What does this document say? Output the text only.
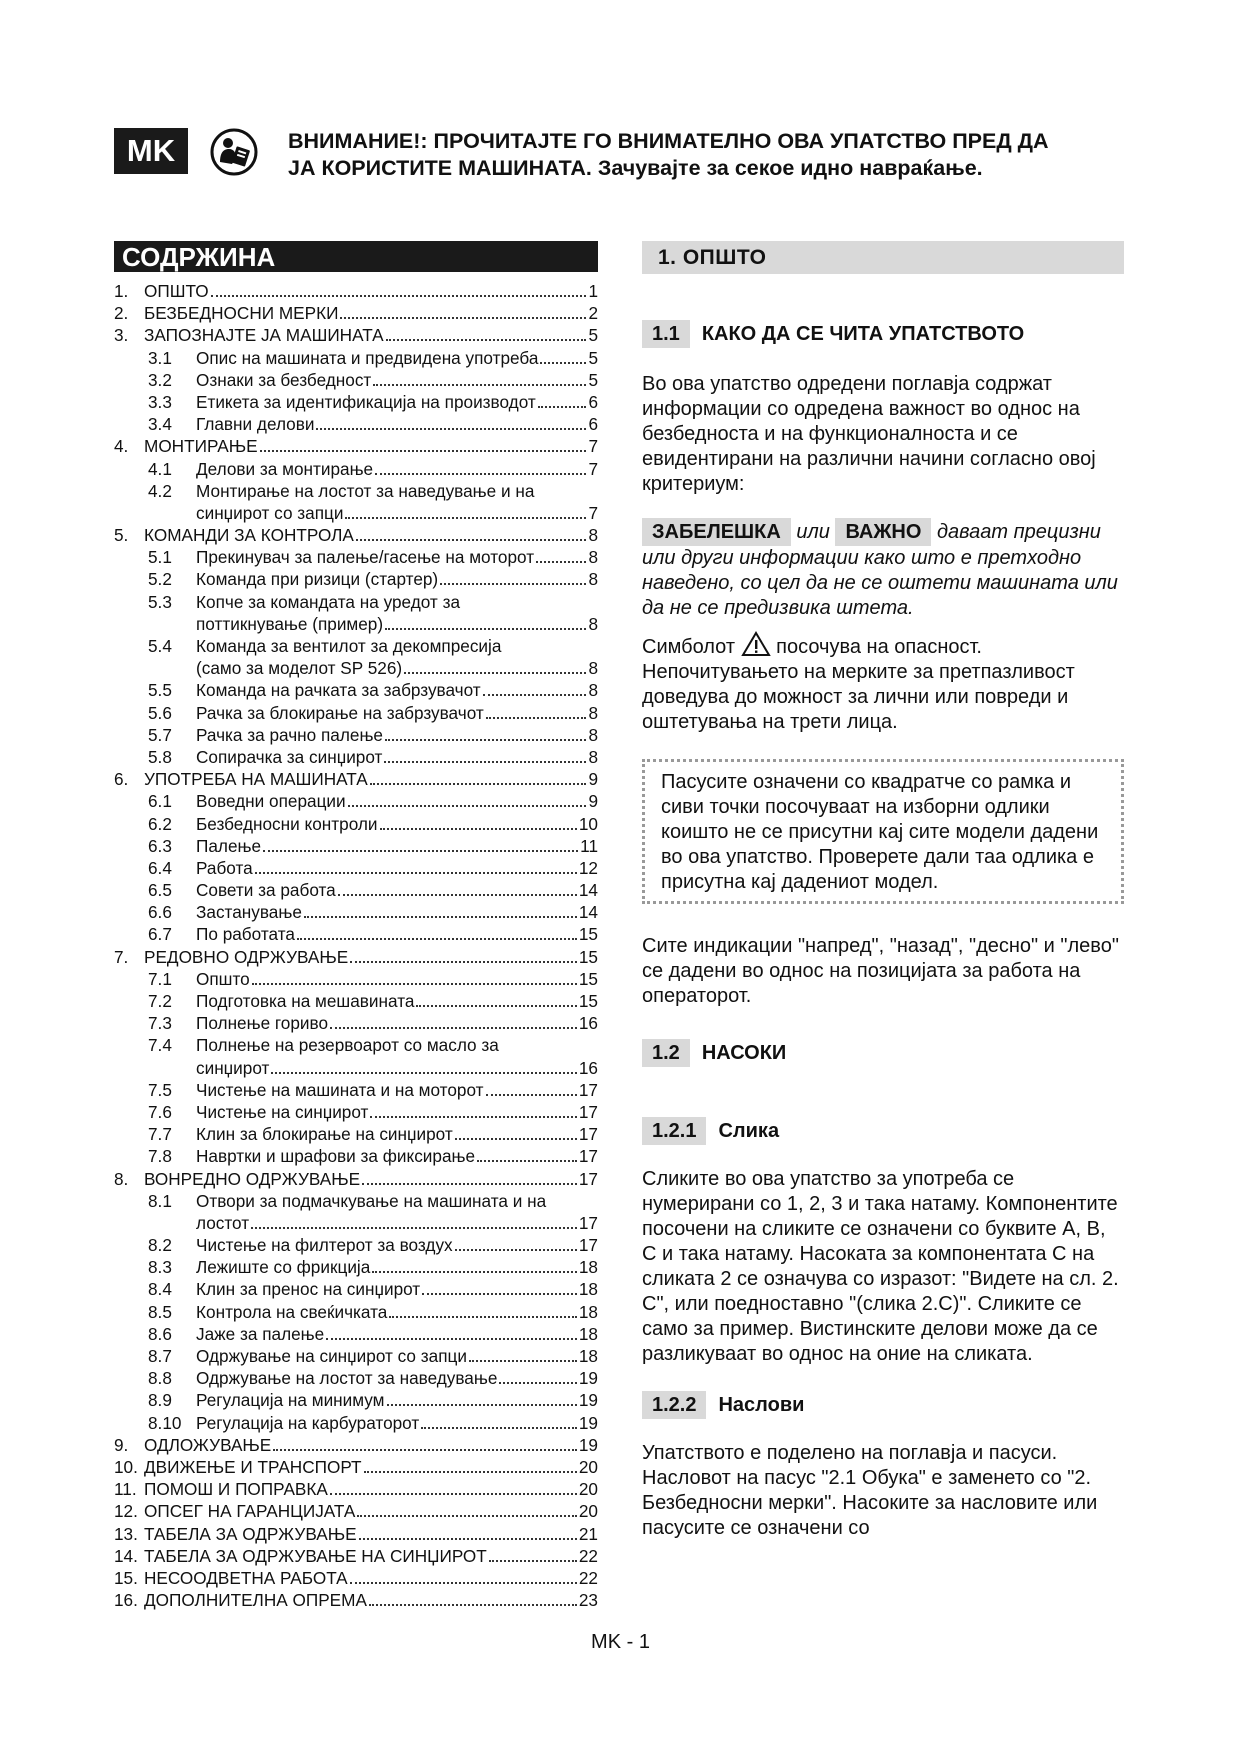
MK	ВНИМАНИЕ!: ПРОЧИТАЈТЕ ГО ВНИМАТЕЛНО ОВА УПАТСТВО ПРЕД ДА
ЈА КОРИСТИТЕ МАШИНАТА. Зачувајте за секое идно навраќање.
СОДРЖИНА
1. ОПШТО	1
2. БЕЗБЕДНОСНИ МЕРКИ	2
3. ЗАПОЗНАЈТЕ ЈА МАШИНАТА	5
3.1	Опис на машината и предвидена употреба	5
3.2	Ознаки за безбедност	5
3.3	Етикета за идентификација на производот	6
3.4	Главни делови	6
4. МОНТИРАЊЕ	7
4.1	Делови за монтирање	7
4.2	Монтирање на лостот за наведување и на
синџирот со запци	7
5. КОМАНДИ ЗА КОНТРОЛА	8
5.1	Прекинувач за палење/гасење на моторот	8
5.2	Команда при ризици (стартер)	8
5.3	Копче за командата на уредот за
поттикнување (пример)	8
5.4	Команда за вентилот за декомпресија
(само за моделот SP 526)	8
5.5	Команда на рачката за забрзувачот	8
5.6	Рачка за блокирање на забрзувачот	8
5.7	Рачка за рачно палење	8
5.8	Сопирачка за синџирот	8
6. УПОТРЕБА НА МАШИНАТА	9
6.1	Воведни операции	9
6.2	Безбедносни контроли	10
6.3	Палење	11
6.4	Работа	12
6.5	Совети за работа	14
6.6	Застанување	14
6.7	По работата	15
7. РЕДОВНО ОДРЖУВАЊЕ	15
7.1	Општо	15
7.2	Подготовка на мешавината	15
7.3	Полнење гориво	16
7.4	Полнење на резервоарот со масло за
синџирот	16
7.5	Чистење на машината и на моторот	17
7.6	Чистење на синџирот	17
7.7	Клин за блокирање на синџирот	17
7.8	Навртки и шрафови за фиксирање	17
8. ВОНРЕДНО ОДРЖУВАЊЕ	17
8.1	Отвори за подмачкување на машината и на
лостот	17
8.2	Чистење на филтерот за воздух	17
8.3	Лежиште со фрикција	18
8.4	Клин за пренос на синџирот	18
8.5	Контрола на свеќичката	18
8.6	Јаже за палење	18
8.7	Одржување на синџирот со запци	18
8.8	Одржување на лостот за наведување	19
8.9	Регулација на минимум	19
8.10 Регулација на карбураторот	19
9. ОДЛОЖУВАЊЕ	19
10. ДВИЖЕЊЕ И ТРАНСПОРТ	20
11. ПОМОШ И ПОПРАВКА	20
12. ОПСЕГ НА ГАРАНЦИЈАТА	20
13. ТАБЕЛА ЗА ОДРЖУВАЊЕ	21
14. ТАБЕЛА ЗА ОДРЖУВАЊЕ НА СИНЏИРОТ	22
15. НЕСООДВЕТНА РАБОТА	22
16. ДОПОЛНИТЕЛНА ОПРЕМА	23
1. ОПШТО
1.1	КАКО ДА СЕ ЧИТА УПАТСТВОТО

Во ова упатство одредени поглавја содржат информации со одредена важност во однос на безбедноста и на функционалноста и се евидентирани на различни начини согласно овој критериум:

ЗАБЕЛЕШКА или ВАЖНО даваат прецизни или други информации како што е претходно наведено, со цел да не се оштети машината или да не се предизвика штета.

Симболот посочува на опасност. Непочитувањето на мерките за претпазливост доведува до можност за лични или повреди и оштетувања на трети лица.

Пасусите означени со квадратче со рамка и сиви точки посочуваат на изборни одлики коишто не се присутни кај сите модели дадени во ова упатство. Проверете дали таа одлика е присутна кај дадениот модел.

Сите индикации "напред", "назад", "десно" и "лево" се дадени во однос на позицијата за работа на операторот.

1.2	НАСОКИ
1.2.1	Слика

Сликите во ова упатство за употреба се нумерирани со 1, 2, 3 и така натаму. Компонентите посочени на сликите се означени со буквите A, B, C и така натаму. Насоката за компонентата C на сликата 2 се означува со изразот: "Видете на сл. 2. C", или поедноставно "(слика 2.C)". Сликите се само за пример. Вистинските делови може да се разликуваат во однос на оние на сликата.

1.2.2	Наслови

Упатството е поделено на поглавја и пасуси. Насловот на пасус "2.1 Обука" е заменето со "2. Безбедносни мерки". Насоките за насловите или пасусите се означени со

MK - 1
